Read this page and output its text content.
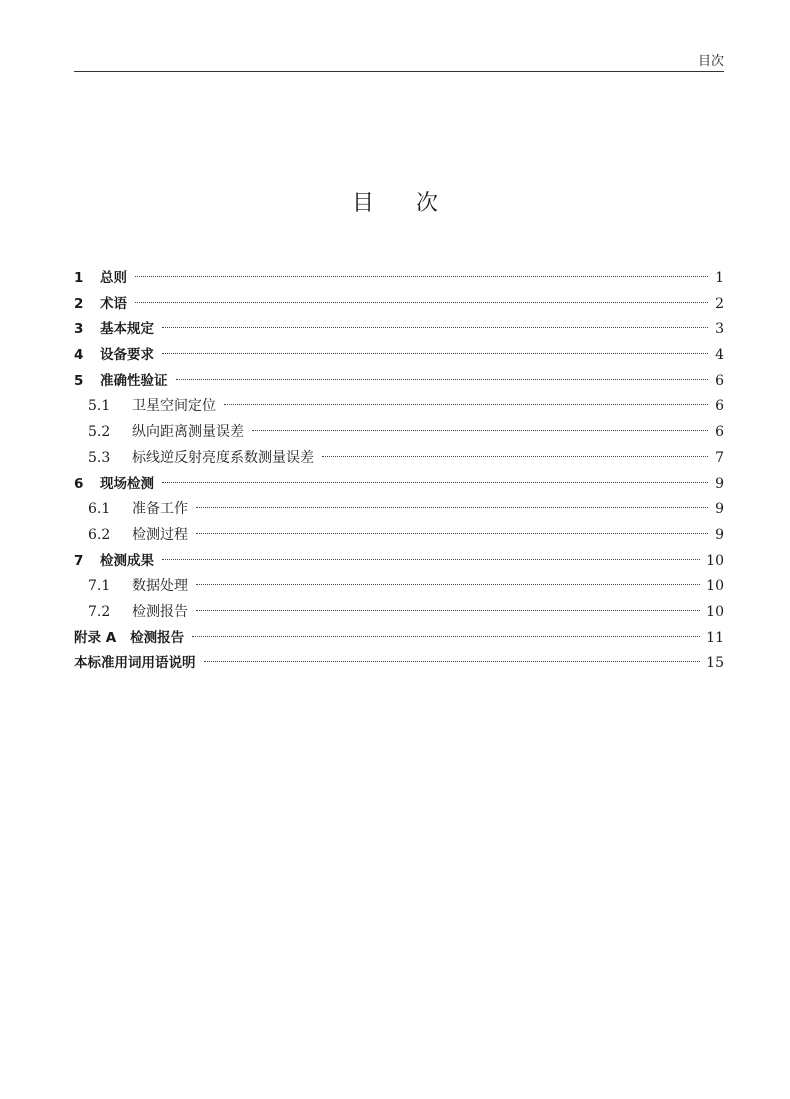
目次
目次
1	总则	1
2	术语	2
3	基本规定	3
4	设备要求	4
5	准确性验证	6
5.1	卫星空间定位	6
5.2	纵向距离测量误差	6
5.3	标线逆反射亮度系数测量误差	7
6	现场检测	9
6.1	准备工作	9
6.2	检测过程	9
7	检测成果	10
7.1	数据处理	10
7.2	检测报告	10
附录 A 检测报告	11
本标准用词用语说明	15
